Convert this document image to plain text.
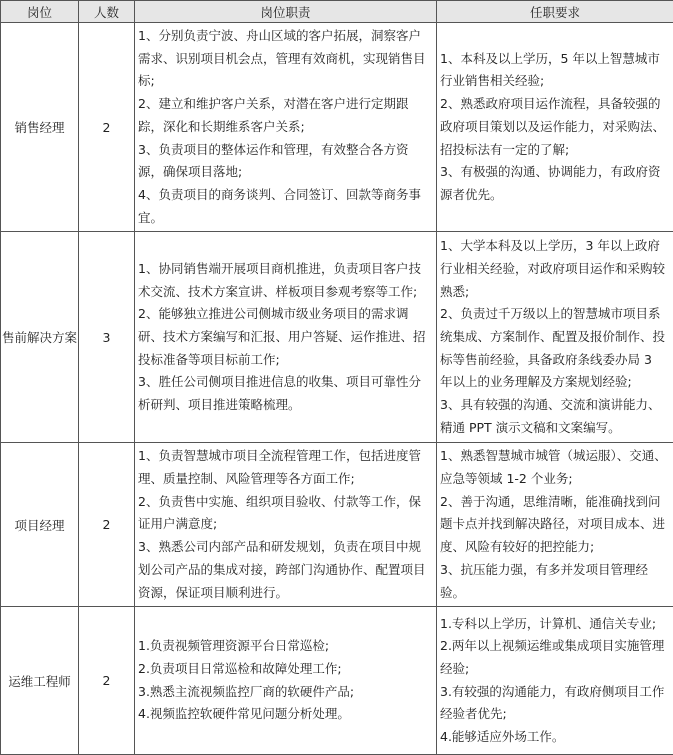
岗位	人数	岗位职责	任职要求
销售经理	2	1、分别负责宁波、舟山区域的客户拓展，洞察客户需求、识别项目机会点，管理有效商机，实现销售目标;
2、建立和维护客户关系，对潜在客户进行定期跟踪，深化和长期维系客户关系;
3、负责项目的整体运作和管理，有效整合各方资源，确保项目落地;
4、负责项目的商务谈判、合同签订、回款等商务事宜。	1、本科及以上学历，5 年以上智慧城市行业销售相关经验;
2、熟悉政府项目运作流程，具备较强的政府项目策划以及运作能力，对采购法、招投标法有一定的了解;
3、有极强的沟通、协调能力，有政府资源者优先。

售前解决方案	3	1、协同销售端开展项目商机推进，负责项目客户技术交流、技术方案宣讲、样板项目参观考察等工作;
2、能够独立推进公司侧城市级业务项目的需求调研、技术方案编写和汇报、用户答疑、运作推进、招投标准备等项目标前工作;
3、胜任公司侧项目推进信息的收集、项目可靠性分析研判、项目推进策略梳理。	1、大学本科及以上学历，3 年以上政府行业相关经验，对政府项目运作和采购较熟悉;
2、负责过千万级以上的智慧城市项目系统集成、方案制作、配置及报价制作、投标等售前经验，具备政府条线委办局 3 年以上的业务理解及方案规划经验;
3、具有较强的沟通、交流和演讲能力、精通 PPT 演示文稿和文案编写。

项目经理	2	1、负责智慧城市项目全流程管理工作，包括进度管理、质量控制、风险管理等各方面工作;
2、负责售中实施、组织项目验收、付款等工作，保证用户满意度;
3、熟悉公司内部产品和研发规划，负责在项目中规划公司产品的集成对接，跨部门沟通协作、配置项目资源，保证项目顺利进行。	1、熟悉智慧城市城管（城运服）、交通、应急等领域 1-2 个业务;
2、善于沟通，思维清晰，能准确找到问题卡点并找到解决路径，对项目成本、进度、风险有较好的把控能力;
3、抗压能力强，有多并发项目管理经验。

运维工程师	2	1.负责视频管理资源平台日常巡检;
2.负责项目日常巡检和故障处理工作;
3.熟悉主流视频监控厂商的软硬件产品;
4.视频监控软硬件常见问题分析处理。	1.专科以上学历，计算机、通信关专业;
2.两年以上视频运维或集成项目实施管理经验;
3.有较强的沟通能力，有政府侧项目工作经验者优先;
4.能够适应外场工作。
